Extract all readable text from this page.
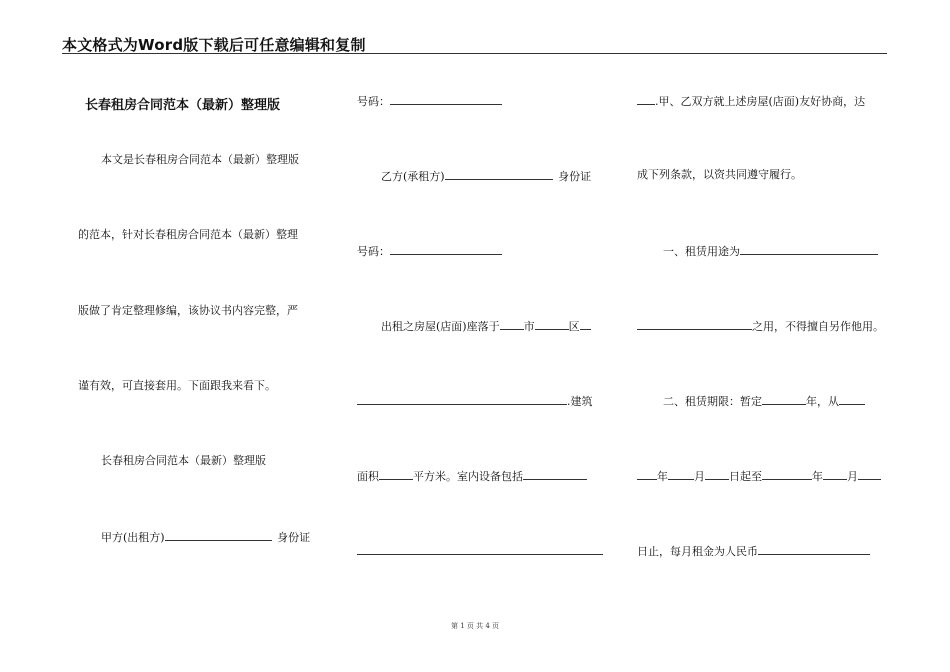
本文格式为Word版下载后可任意编辑和复制
长春租房合同范本（最新）整理版
本文是长春租房合同范本（最新）整理版
的范本，针对长春租房合同范本（最新）整理
版做了肯定整理修编，该协议书内容完整，严
谨有效，可直接套用。下面跟我来看下。
长春租房合同范本（最新）整理版
甲方(出租方)	身份证
号码：
乙方(承租方)	身份证
号码：
出租之房屋(店面)座落于 市	区
.建筑
面积	平方米。室内设备包括
.甲、乙双方就上述房屋(店面)友好协商，达
成下列条款，以资共同遵守履行。
一、租赁用途为
之用，不得擅自另作他用。
二、租赁期限：暂定	年，从
年 月 日起至	年 月
日止，每月租金为人民币
第 1 页 共 4 页
